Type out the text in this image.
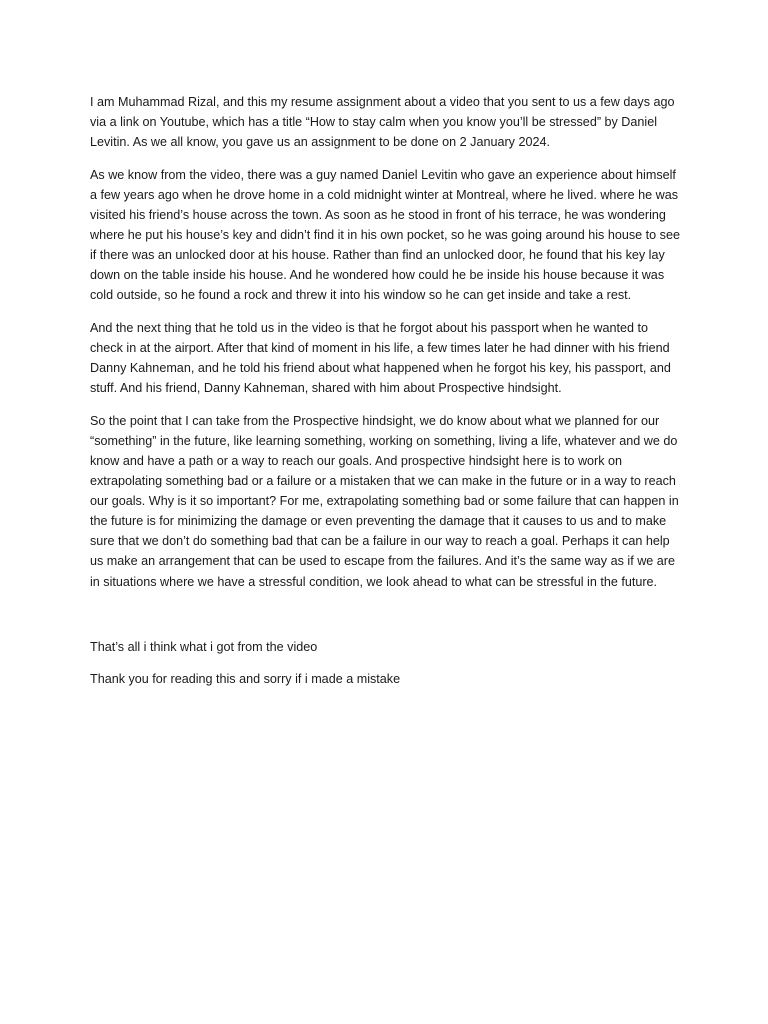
I am Muhammad Rizal, and this my resume assignment about a video that you sent to us a few days ago via a link on Youtube, which has a title “How to stay calm when you know you’ll be stressed” by Daniel Levitin. As we all know, you gave us an assignment to be done on 2 January 2024.

As we know from the video, there was a guy named Daniel Levitin who gave an experience about himself a few years ago when he drove home in a cold midnight winter at Montreal, where he lived. where he was visited his friend’s house across the town. As soon as he stood in front of his terrace, he was wondering where he put his house’s key and didn’t find it in his own pocket, so he was going around his house to see if there was an unlocked door at his house. Rather than find an unlocked door, he found that his key lay down on the table inside his house. And he wondered how could he be inside his house because it was cold outside, so he found a rock and threw it into his window so he can get inside and take a rest.

And the next thing that he told us in the video is that he forgot about his passport when he wanted to check in at the airport. After that kind of moment in his life, a few times later he had dinner with his friend Danny Kahneman, and he told his friend about what happened when he forgot his key, his passport, and stuff. And his friend, Danny Kahneman, shared with him about Prospective hindsight.

So the point that I can take from the Prospective hindsight, we do know about what we planned for our “something” in the future, like learning something, working on something, living a life, whatever and we do know and have a path or a way to reach our goals. And prospective hindsight here is to work on extrapolating something bad or a failure or a mistaken that we can make in the future or in a way to reach our goals. Why is it so important? For me, extrapolating something bad or some failure that can happen in the future is for minimizing the damage or even preventing the damage that it causes to us and to make sure that we don’t do something bad that can be a failure in our way to reach a goal. Perhaps it can help us make an arrangement that can be used to escape from the failures. And it’s the same way as if we are in situations where we have a stressful condition, we look ahead to what can be stressful in the future.

That’s all i think what i got from the video

Thank you for reading this and sorry if i made a mistake
